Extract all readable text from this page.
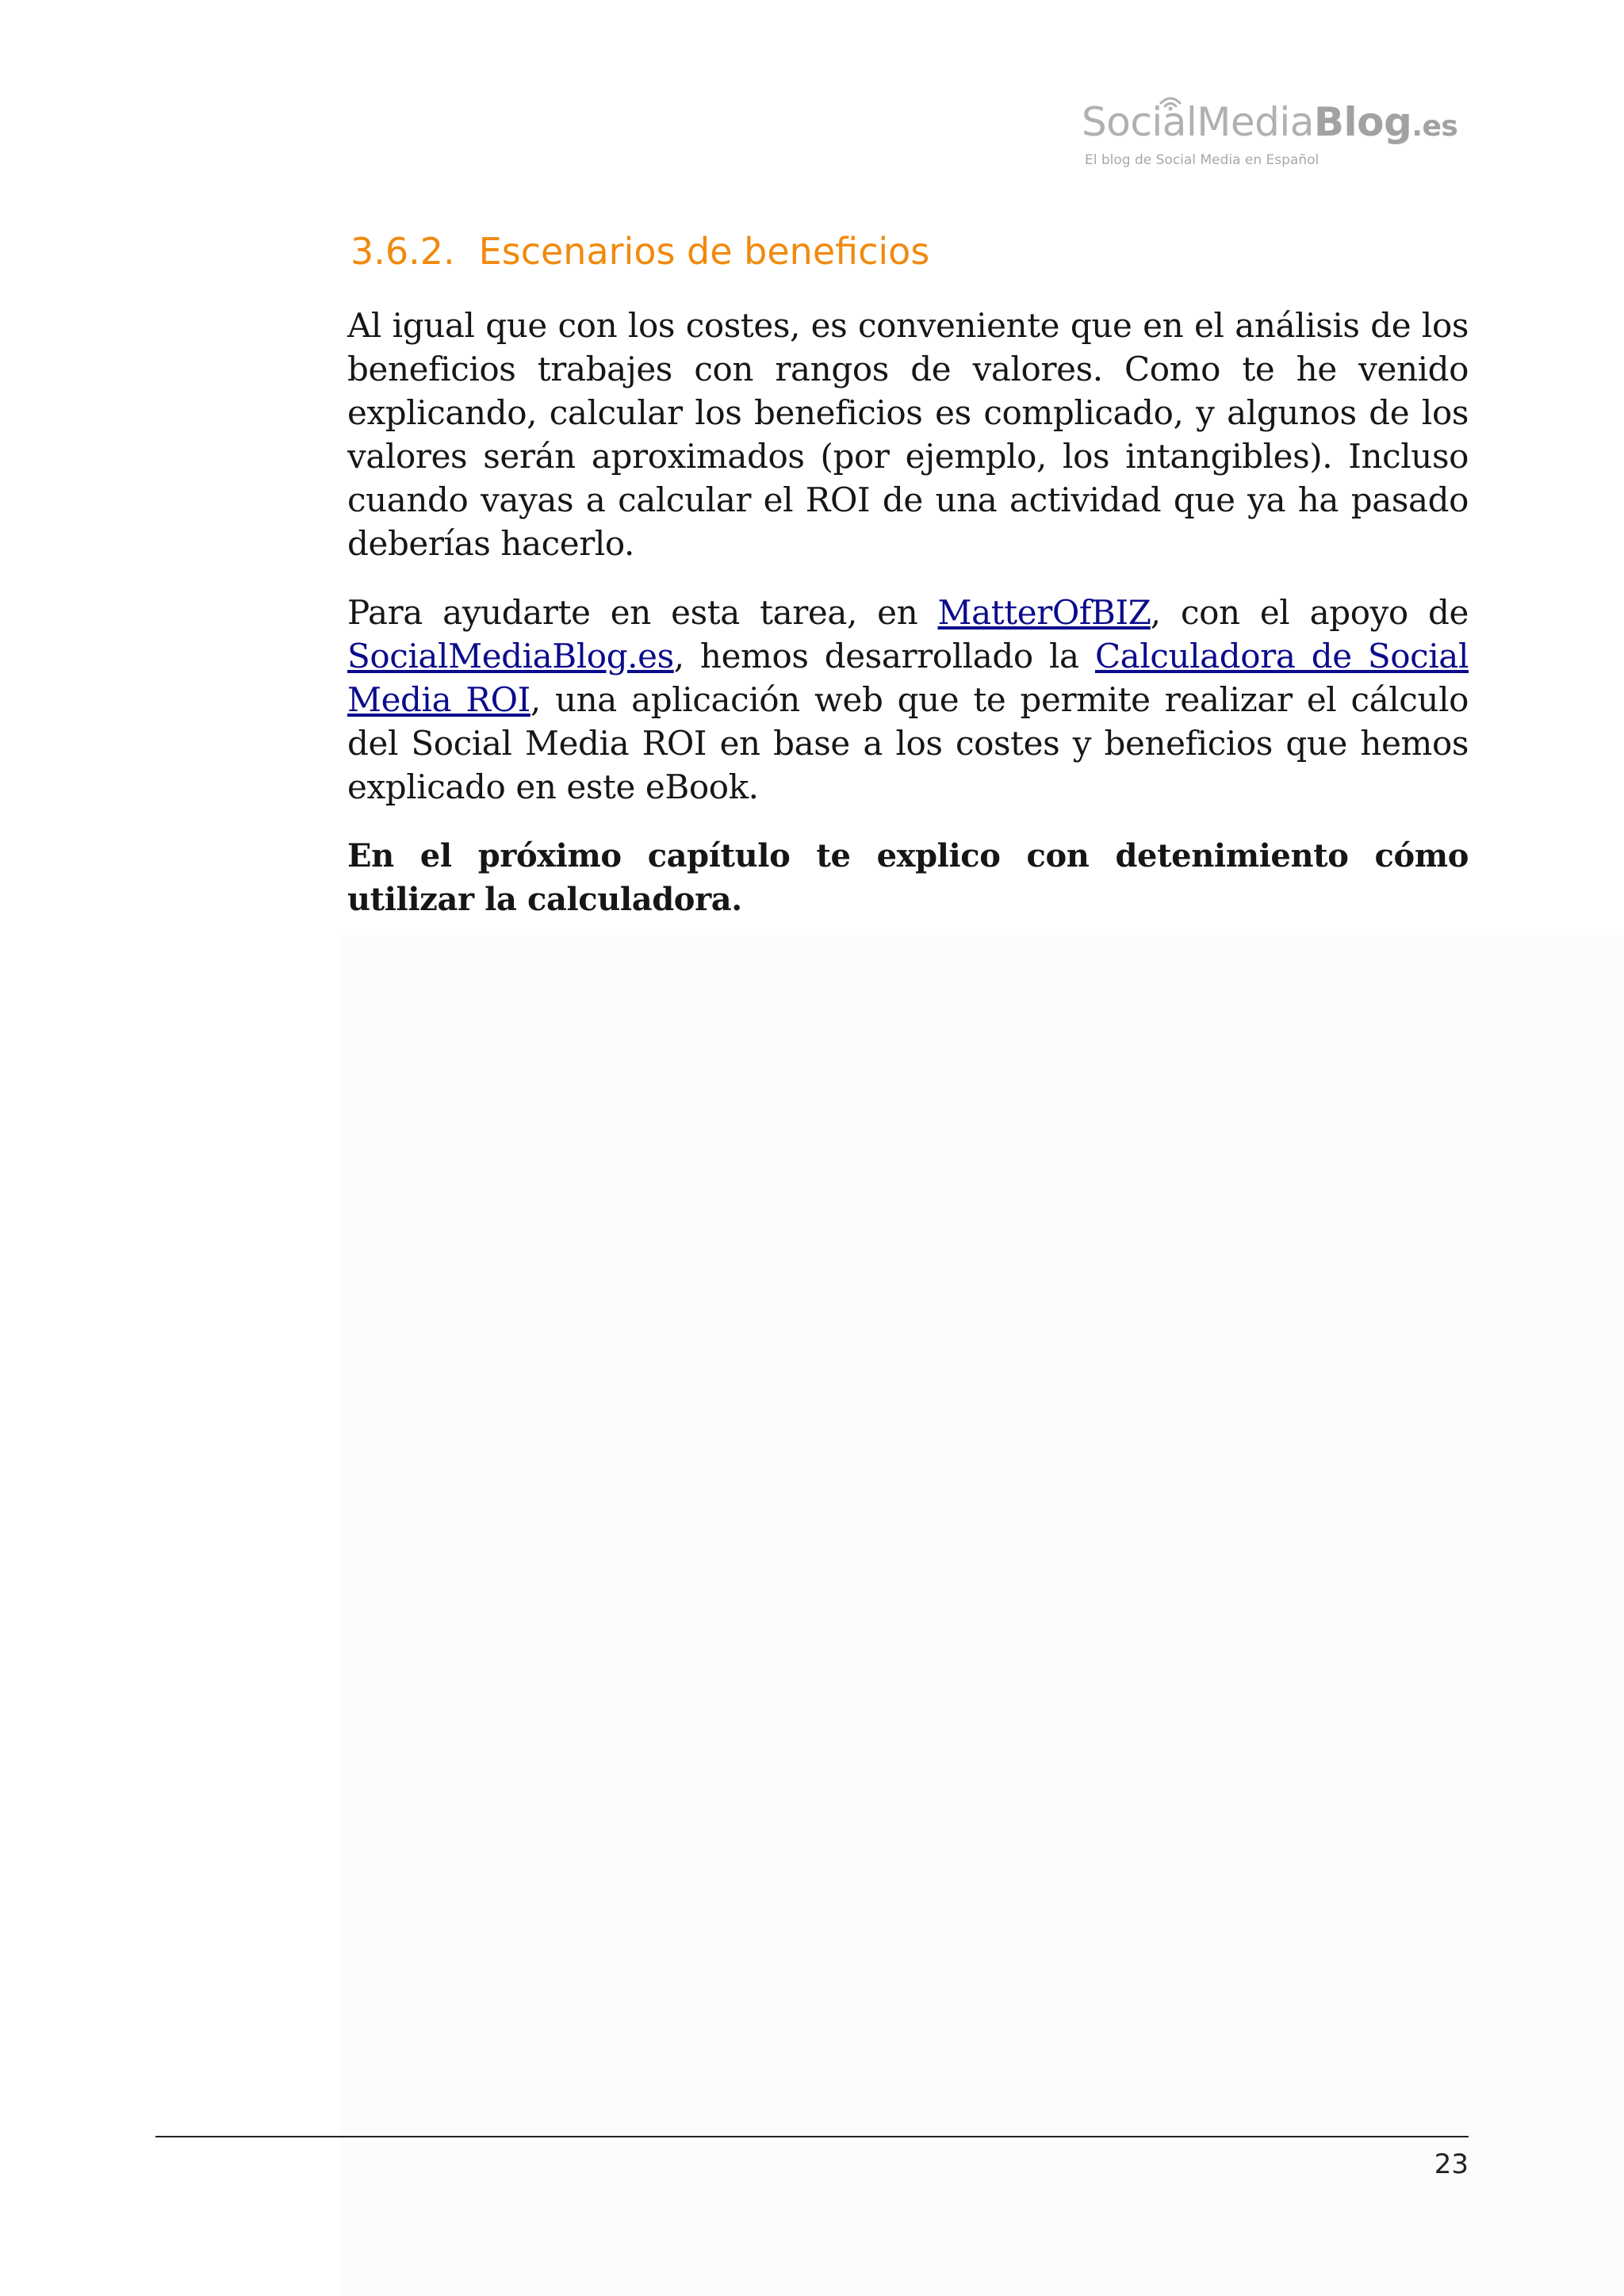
SocialMediaBlog.es
El blog de Social Media en Español
3.6.2. Escenarios de beneficios

Al igual que con los costes, es conveniente que en el análisis de los beneficios trabajes con rangos de valores. Como te he venido explicando, calcular los beneficios es complicado, y algunos de los valores serán aproximados (por ejemplo, los intangibles). Incluso cuando vayas a calcular el ROI de una actividad que ya ha pasado deberías hacerlo.

Para ayudarte en esta tarea, en MatterOfBIZ, con el apoyo de SocialMediaBlog.es, hemos desarrollado la Calculadora de Social Media ROI, una aplicación web que te permite realizar el cálculo del Social Media ROI en base a los costes y beneficios que hemos explicado en este eBook.

En el próximo capítulo te explico con detenimiento cómo utilizar la calculadora.

23
